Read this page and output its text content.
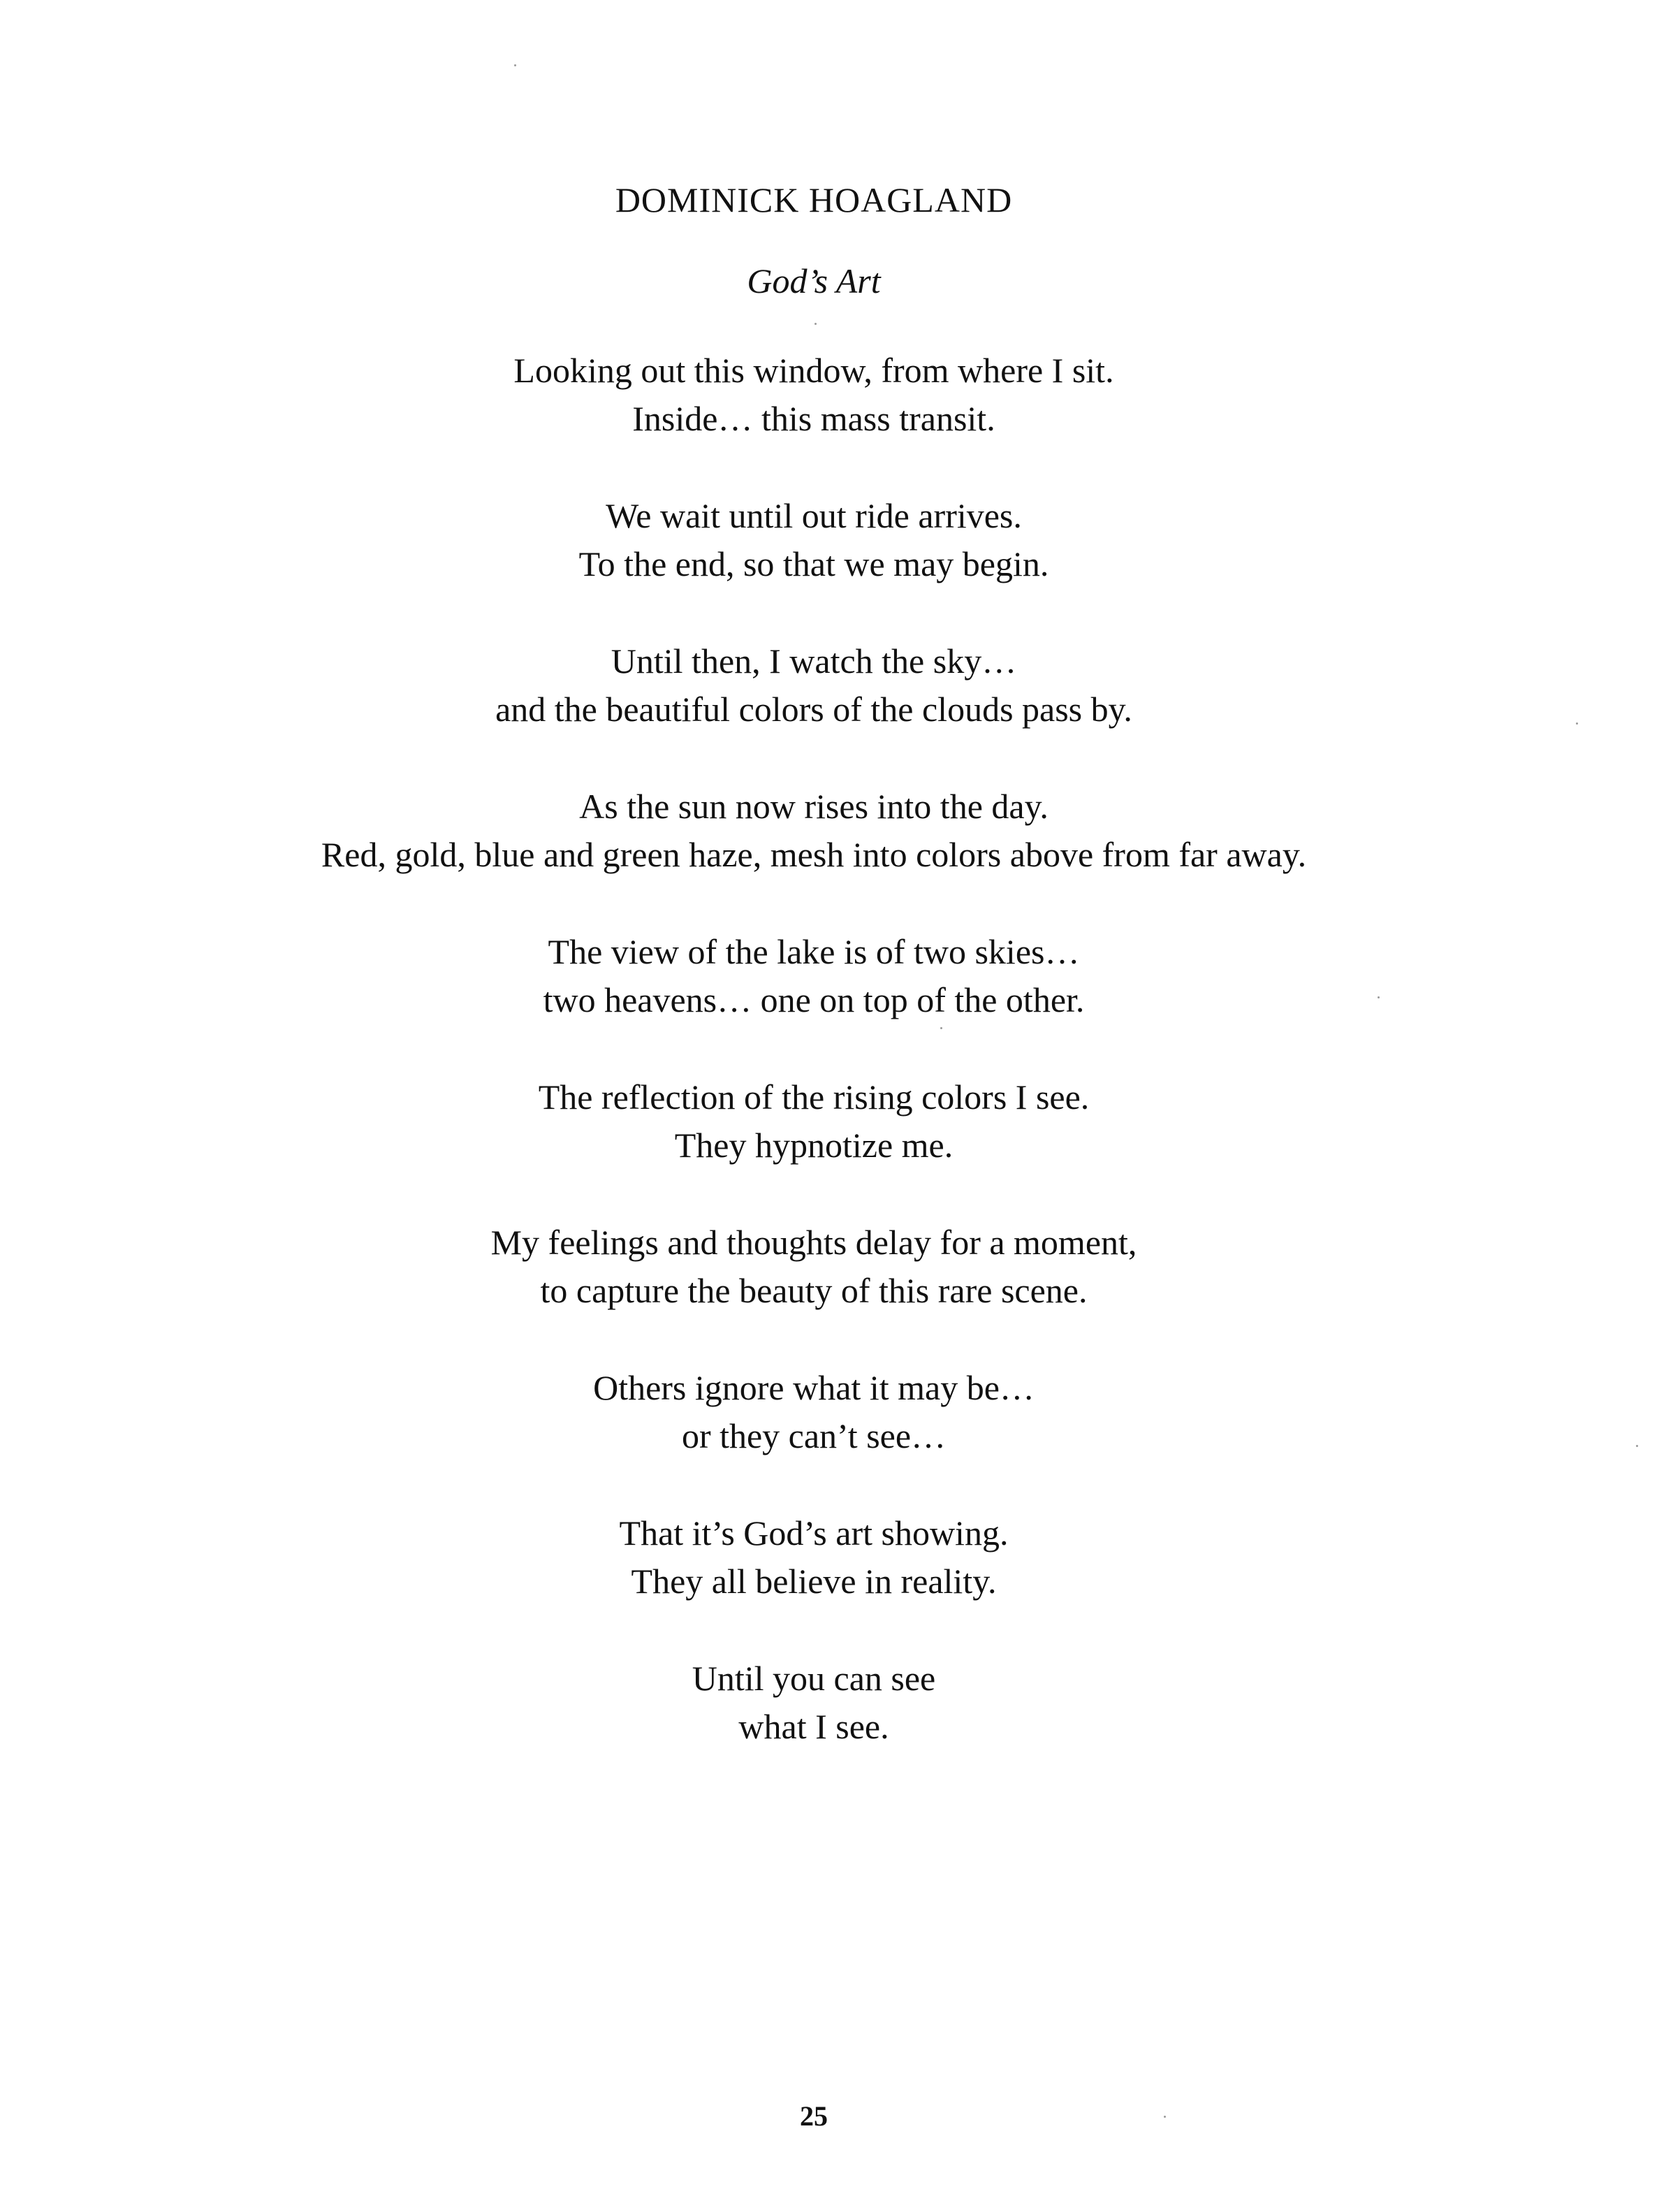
DOMINICK HOAGLAND
God’s Art
Looking out this window, from where I sit.
Inside… this mass transit.
We wait until out ride arrives.
To the end, so that we may begin.
Until then, I watch the sky…
and the beautiful colors of the clouds pass by.
As the sun now rises into the day.
Red, gold, blue and green haze, mesh into colors above from far away.
The view of the lake is of two skies…
two heavens… one on top of the other.
The reflection of the rising colors I see.
They hypnotize me.
My feelings and thoughts delay for a moment,
to capture the beauty of this rare scene.
Others ignore what it may be…
or they can’t see…
That it’s God’s art showing.
They all believe in reality.
Until you can see
what I see.
25
